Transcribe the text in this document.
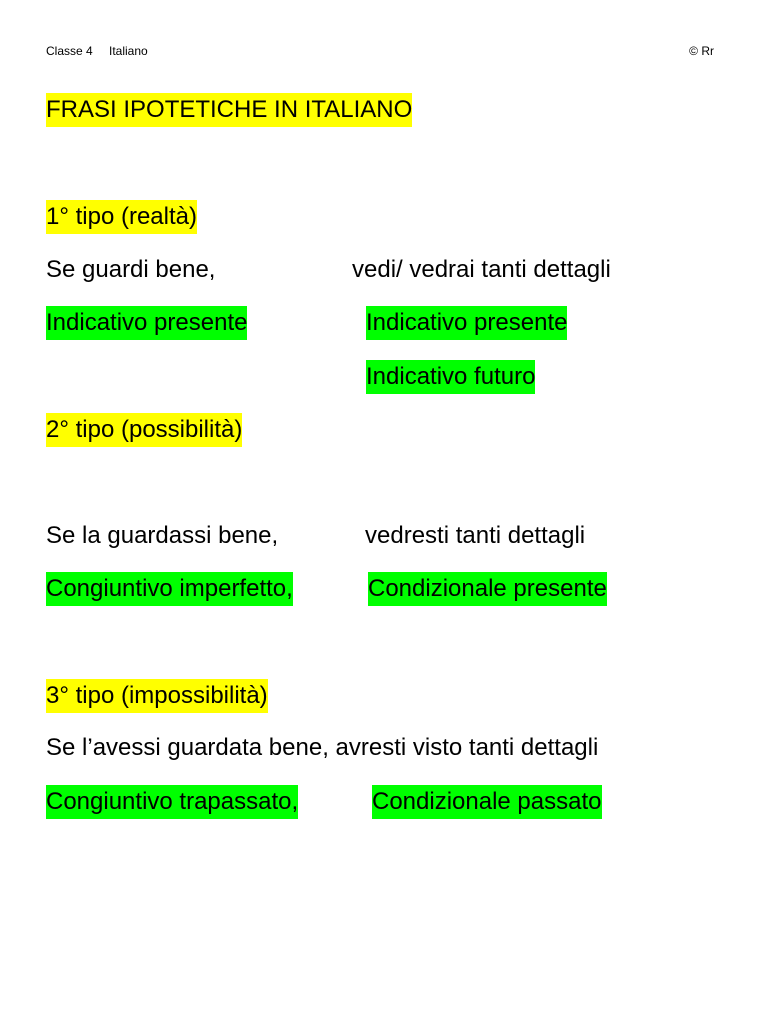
Classe 4 Italiano	© Rr
FRASI IPOTETICHE IN ITALIANO
1° tipo (realtà)
Se guardi bene,	vedi/ vedrai tanti dettagli
Indicativo presente	Indicativo presente
Indicativo futuro
2° tipo (possibilità)
Se la guardassi bene,	vedresti tanti dettagli
Congiuntivo imperfetto,	Condizionale presente
3° tipo (impossibilità)
Se l’avessi guardata bene, avresti visto tanti dettagli
Congiuntivo trapassato,	Condizionale passato
